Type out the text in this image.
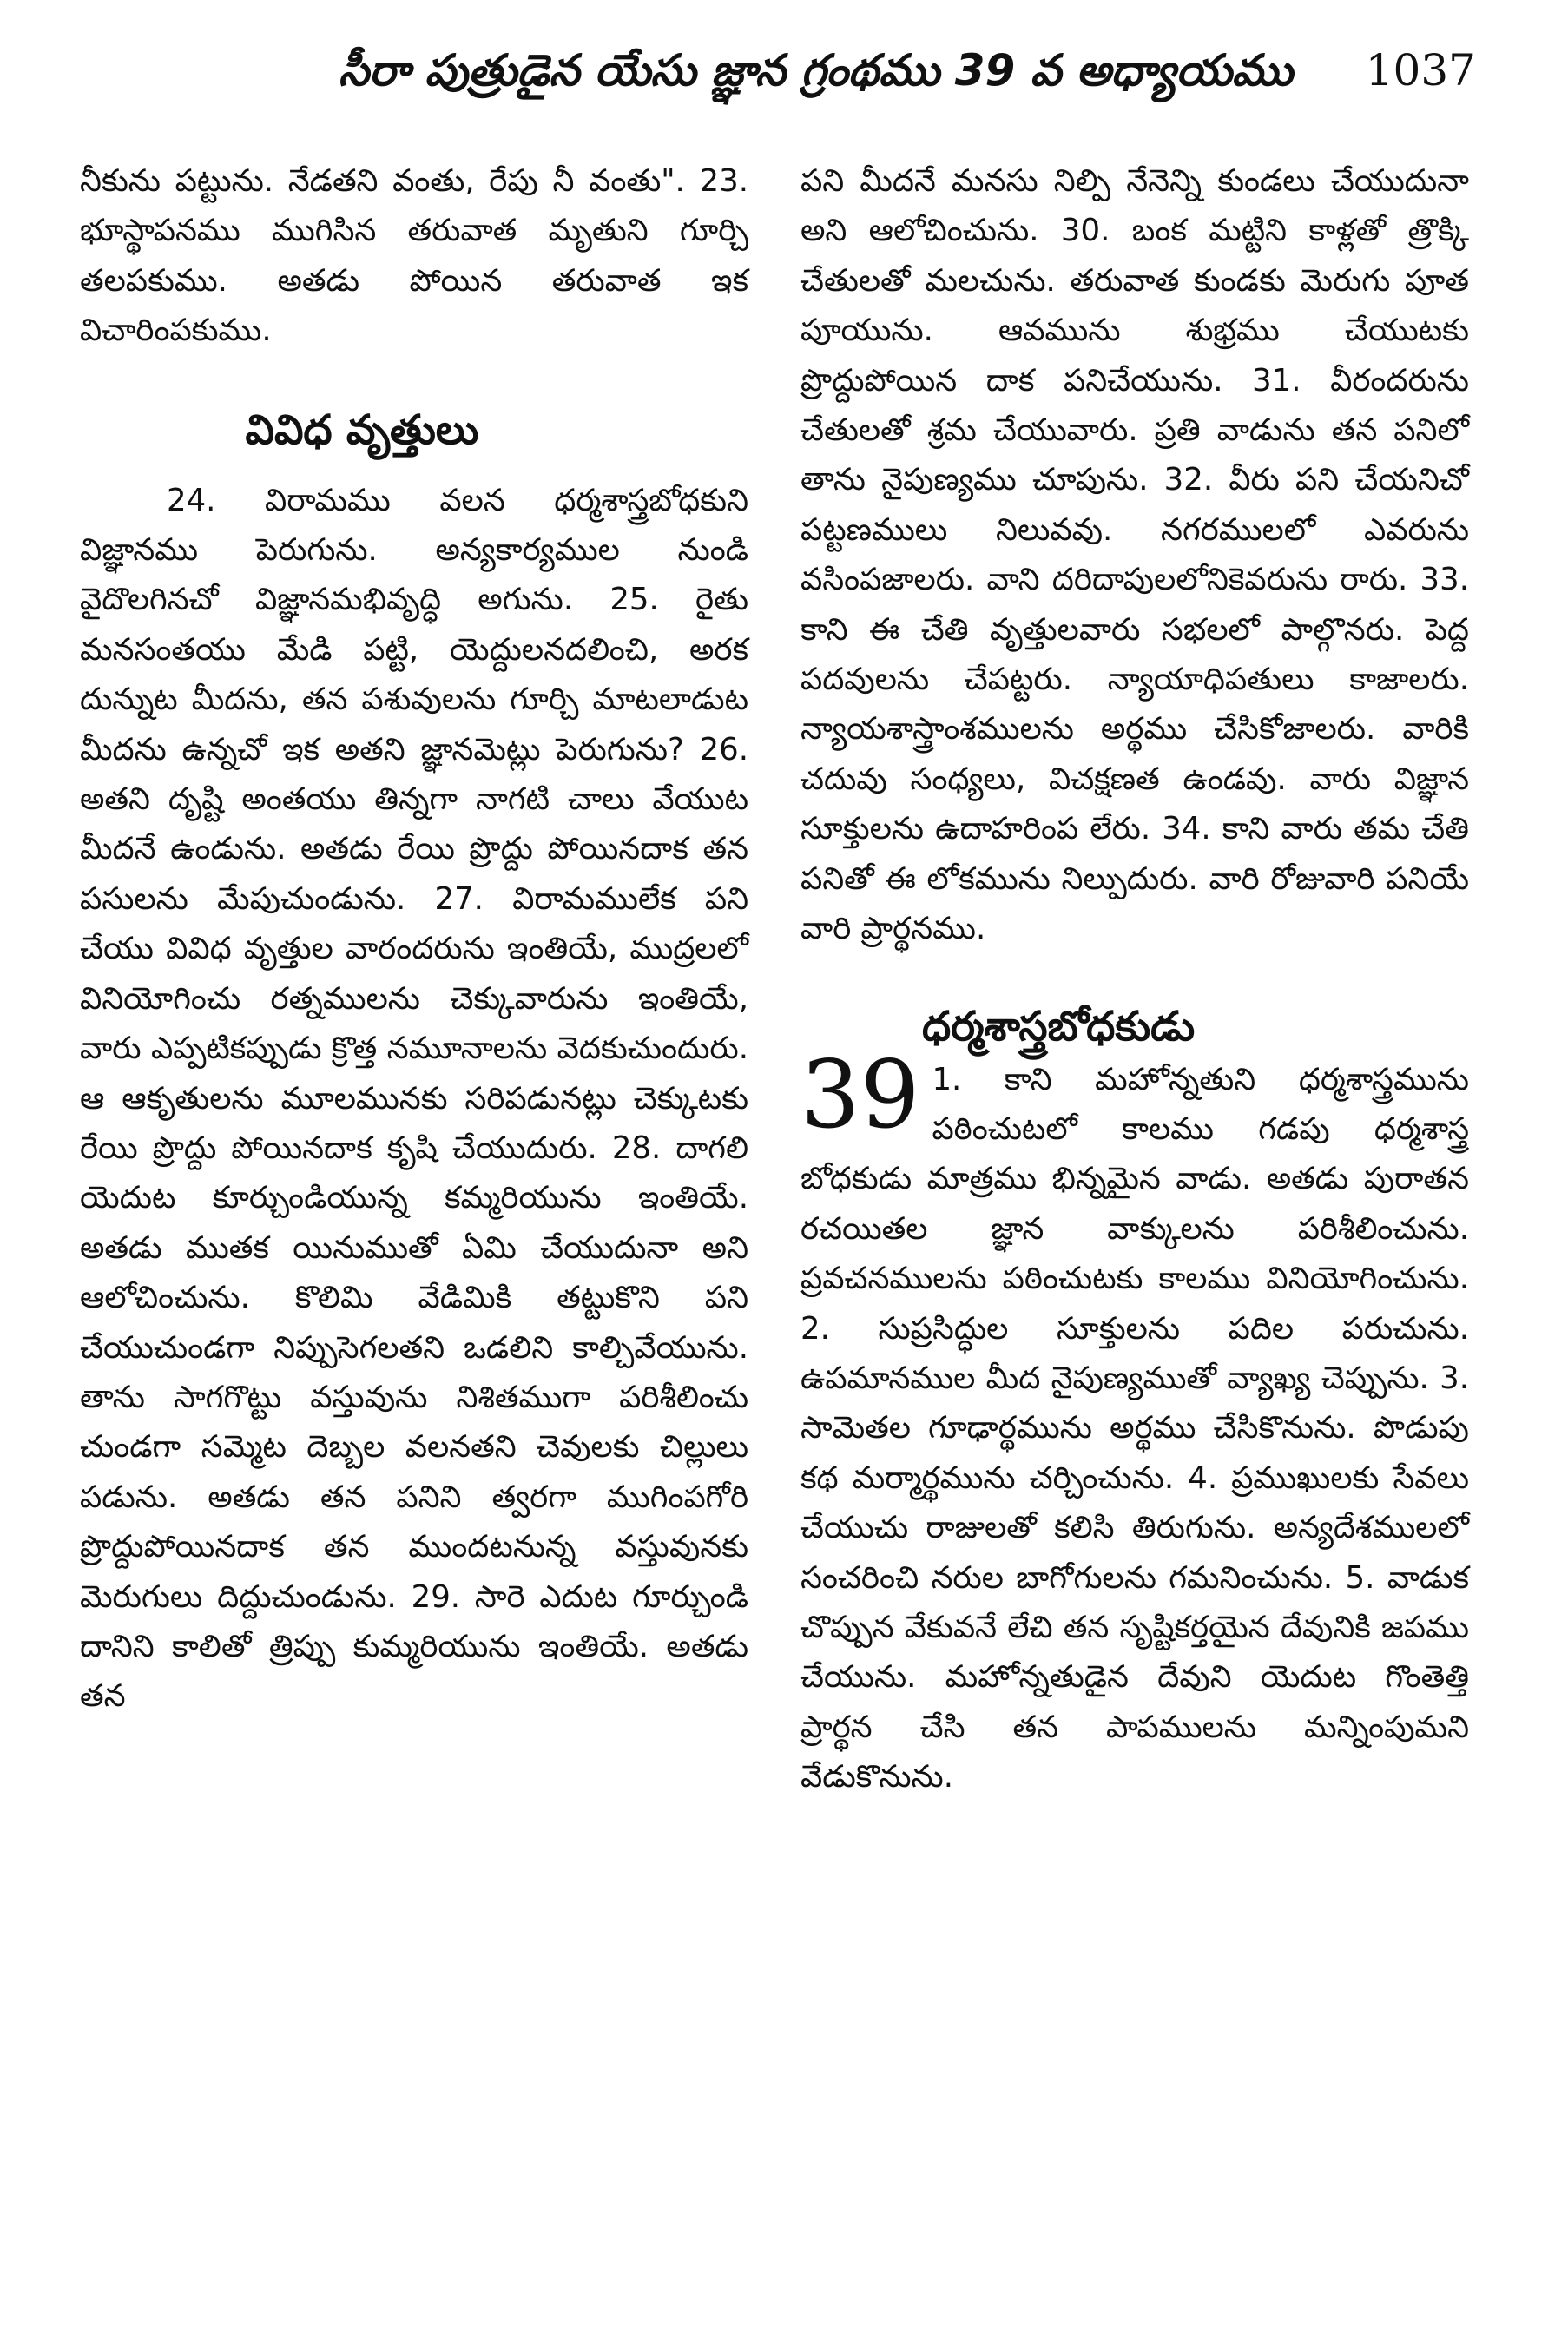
సీరా పుత్రుడైన యేసు జ్ఞాన గ్రంథము 39 వ అధ్యాయము 1037

నీకును పట్టును. నేడతని వంతు, రేపు నీ వంతు". 23. భూస్థాపనము ముగిసిన తరువాత మృతుని గూర్చి తలపకుము. అతడు పోయిన తరువాత ఇక విచారింపకుము.

వివిధ వృత్తులు

24. విరామము వలన ధర్మశాస్త్రబోధకుని విజ్ఞానము పెరుగును. అన్యకార్యముల నుండి వైదొలగినచో విజ్ఞానమభివృద్ధి అగును. 25. రైతు మనసంతయు మేడి పట్టి, యెద్దులనదలించి, అరక దున్నుట మీదను, తన పశువులను గూర్చి మాటలాడుట మీదను ఉన్నచో ఇక అతని జ్ఞానమెట్లు పెరుగును? 26. అతని దృష్టి అంతయు తిన్నగా నాగటి చాలు వేయుట మీదనే ఉండును. అతడు రేయి ప్రొద్దు పోయినదాక తన పసులను మేపుచుండును. 27. విరామములేక పని చేయు వివిధ వృత్తుల వారందరును ఇంతియే, ముద్రలలో వినియోగించు రత్నములను చెక్కువారును ఇంతియే, వారు ఎప్పటికప్పుడు క్రొత్త నమూనాలను వెదకుచుందురు. ఆ ఆకృతులను మూలమునకు సరిపడునట్లు చెక్కుటకు రేయి ప్రొద్దు పోయినదాక కృషి చేయుదురు. 28. దాగలి యెదుట కూర్చుండియున్న కమ్మరియును ఇంతియే. అతడు ముతక యినుముతో ఏమి చేయుదునా అని ఆలోచించును. కొలిమి వేడిమికి తట్టుకొని పని చేయుచుండగా నిప్పుసెగలతని ఒడలిని కాల్చివేయును. తాను సాగగొట్టు వస్తువును నిశితముగా పరిశీలించు చుండగా సమ్మెట దెబ్బల వలనతని చెవులకు చిల్లులు పడును. అతడు తన పనిని త్వరగా ముగింపగోరి ప్రొద్దుపోయినదాక తన ముందటనున్న వస్తువునకు మెరుగులు దిద్దుచుండును. 29. సారె ఎదుట గూర్చుండి దానిని కాలితో త్రిప్పు కుమ్మరియును ఇంతియే. అతడు తన

పని మీదనే మనసు నిల్పి నేనెన్ని కుండలు చేయుదునా అని ఆలోచించును. 30. బంక మట్టిని కాళ్లతో త్రొక్కి చేతులతో మలచును. తరువాత కుండకు మెరుగు పూత పూయును. ఆవమును శుభ్రము చేయుటకు ప్రొద్దుపోయిన దాక పనిచేయును. 31. వీరందరును చేతులతో శ్రమ చేయువారు. ప్రతి వాడును తన పనిలో తాను నైపుణ్యము చూపును. 32. వీరు పని చేయనిచో పట్టణములు నిలువవు. నగరములలో ఎవరును వసింపజాలరు. వాని దరిదాపులలోనికెవరును రారు. 33. కాని ఈ చేతి వృత్తులవారు సభలలో పాల్గొనరు. పెద్ద పదవులను చేపట్టరు. న్యాయాధిపతులు కాజాలరు. న్యాయశాస్త్రాంశములను అర్థము చేసికోజాలరు. వారికి చదువు సంధ్యలు, విచక్షణత ఉండవు. వారు విజ్ఞాన సూక్తులను ఉదాహరింప లేరు. 34. కాని వారు తమ చేతి పనితో ఈ లోకమును నిల్పుదురు. వారి రోజువారి పనియే వారి ప్రార్థనము.

ధర్మశాస్త్రబోధకుడు

39 1. కాని మహోన్నతుని ధర్మశాస్త్రమును పఠించుటలో కాలము గడపు ధర్మశాస్త్ర బోధకుడు మాత్రము భిన్నమైన వాడు. అతడు పురాతన రచయితల జ్ఞాన వాక్కులను పరిశీలించును. ప్రవచనములను పఠించుటకు కాలము వినియోగించును. 2. సుప్రసిద్ధుల సూక్తులను పదిల పరుచును. ఉపమానముల మీద నైపుణ్యముతో వ్యాఖ్య చెప్పును. 3. సామెతల గూఢార్థమును అర్థము చేసికొనును. పొడుపు కథ మర్మార్థమును చర్చించును. 4. ప్రముఖులకు సేవలు చేయుచు రాజులతో కలిసి తిరుగును. అన్యదేశములలో సంచరించి నరుల బాగోగులను గమనించును. 5. వాడుక చొప్పున వేకువనే లేచి తన సృష్టికర్తయైన దేవునికి జపము చేయును. మహోన్నతుడైన దేవుని యెదుట గొంతెత్తి ప్రార్థన చేసి తన పాపములను మన్నింపుమని వేడుకొనును.
